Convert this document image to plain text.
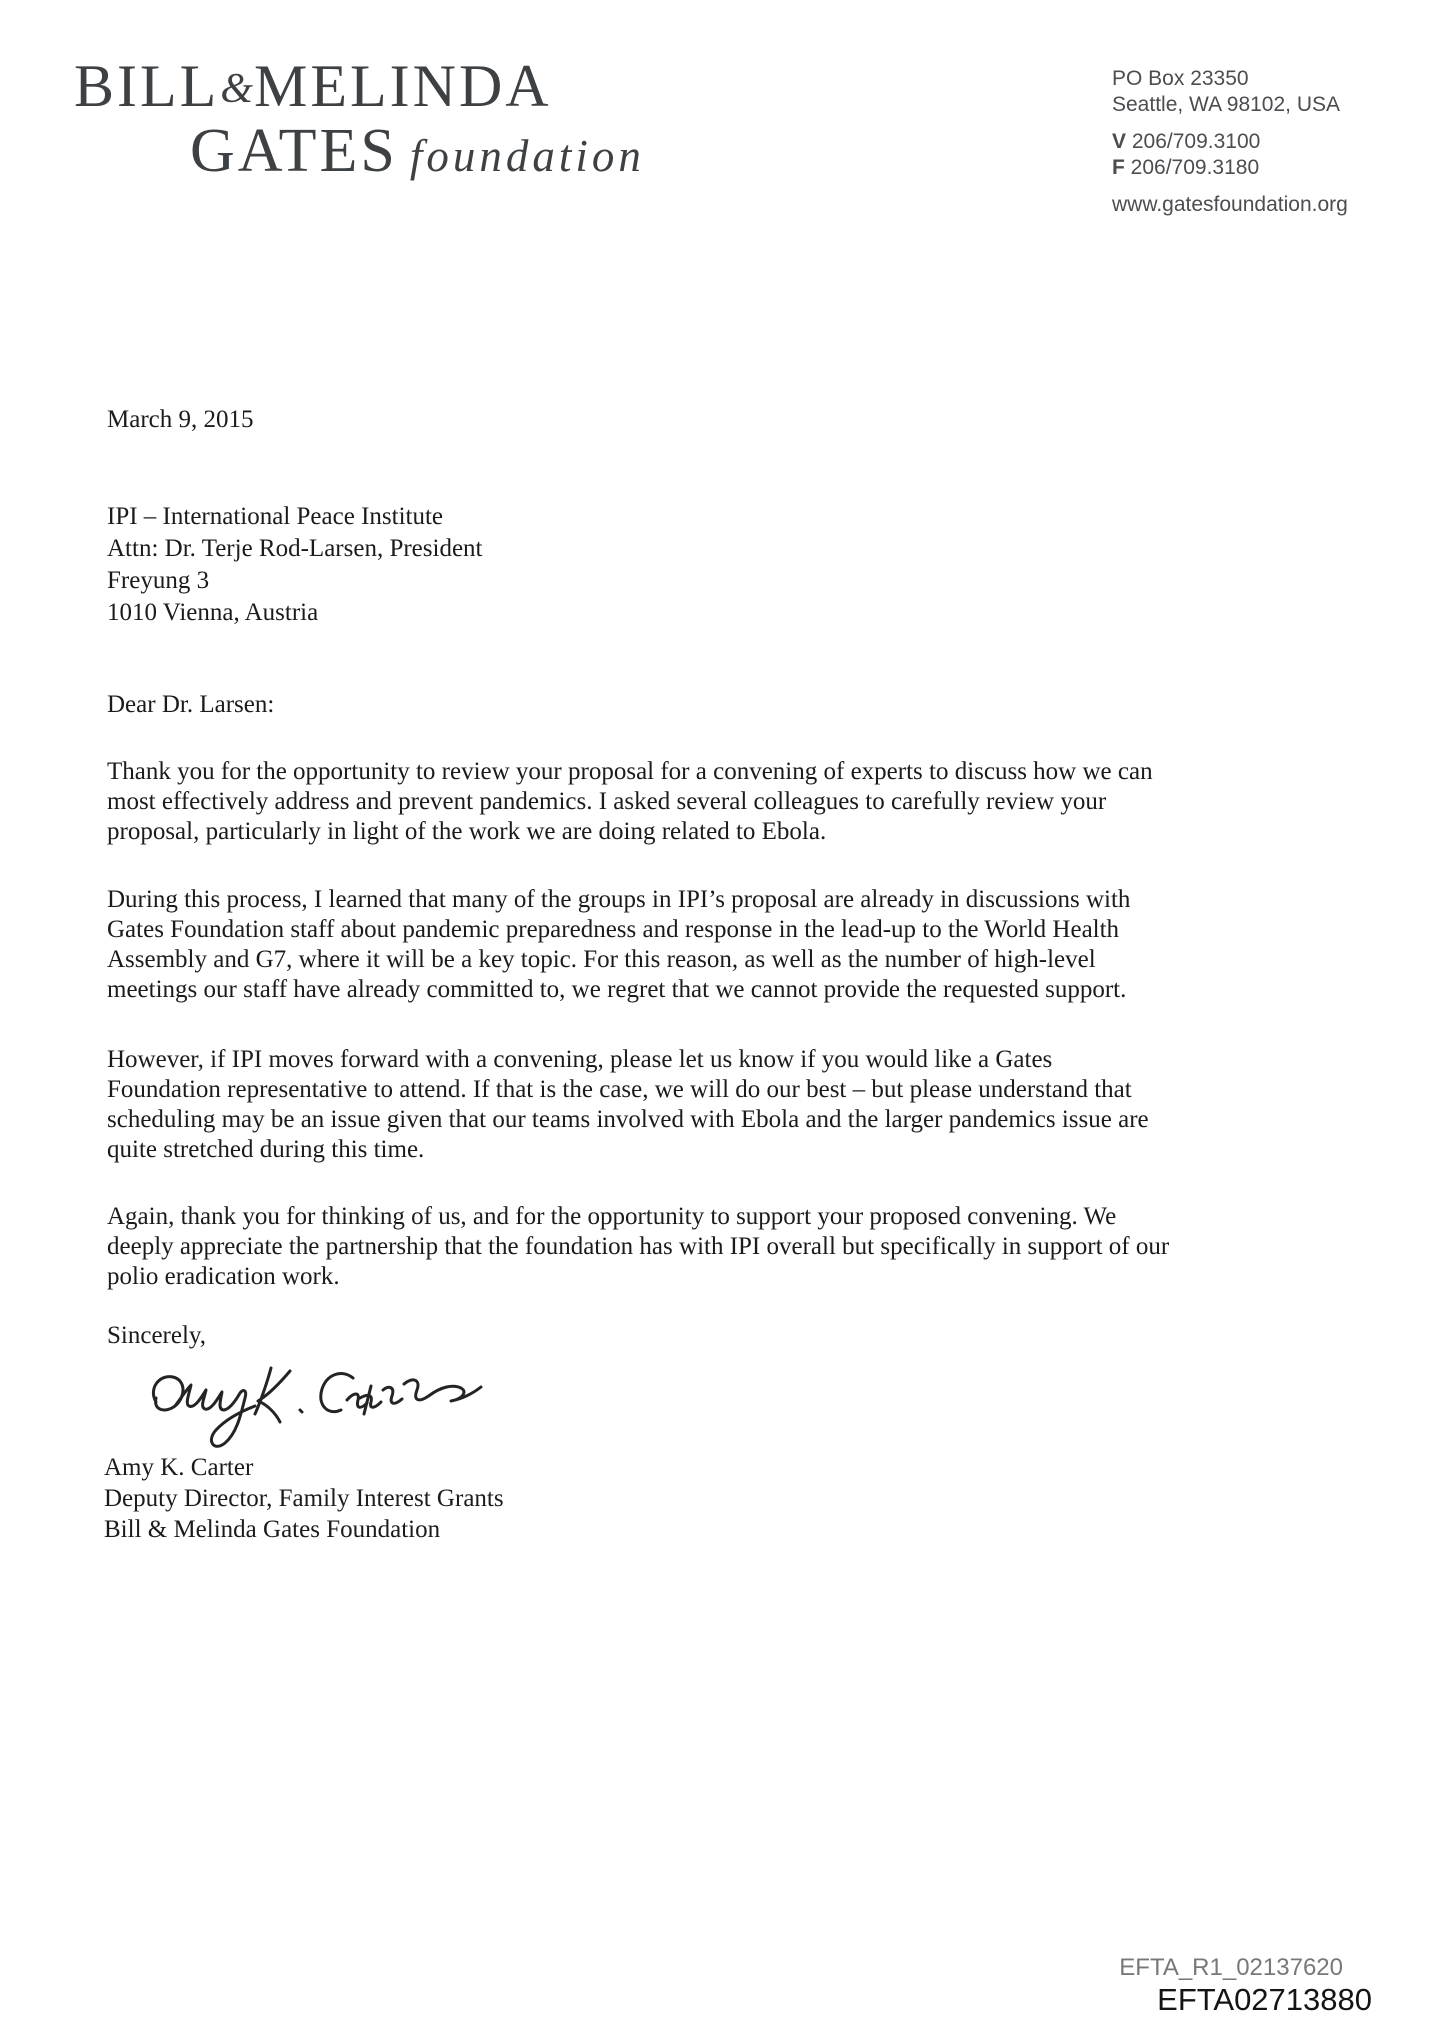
BILL&MELINDA
GATES foundation
PO Box 23350
Seattle, WA 98102, USA
V 206/709.3100
F 206/709.3180
www.gatesfoundation.org
March 9, 2015
IPI – International Peace Institute
Attn: Dr. Terje Rod-Larsen, President
Freyung 3
1010 Vienna, Austria
Dear Dr. Larsen:
Thank you for the opportunity to review your proposal for a convening of experts to discuss how we can
most effectively address and prevent pandemics. I asked several colleagues to carefully review your
proposal, particularly in light of the work we are doing related to Ebola.
During this process, I learned that many of the groups in IPI’s proposal are already in discussions with
Gates Foundation staff about pandemic preparedness and response in the lead-up to the World Health
Assembly and G7, where it will be a key topic. For this reason, as well as the number of high-level
meetings our staff have already committed to, we regret that we cannot provide the requested support.
However, if IPI moves forward with a convening, please let us know if you would like a Gates
Foundation representative to attend. If that is the case, we will do our best – but please understand that
scheduling may be an issue given that our teams involved with Ebola and the larger pandemics issue are
quite stretched during this time.
Again, thank you for thinking of us, and for the opportunity to support your proposed convening. We
deeply appreciate the partnership that the foundation has with IPI overall but specifically in support of our
polio eradication work.
Sincerely,
Amy K. Carter
Deputy Director, Family Interest Grants
Bill & Melinda Gates Foundation
EFTA_R1_02137620
EFTA02713880
